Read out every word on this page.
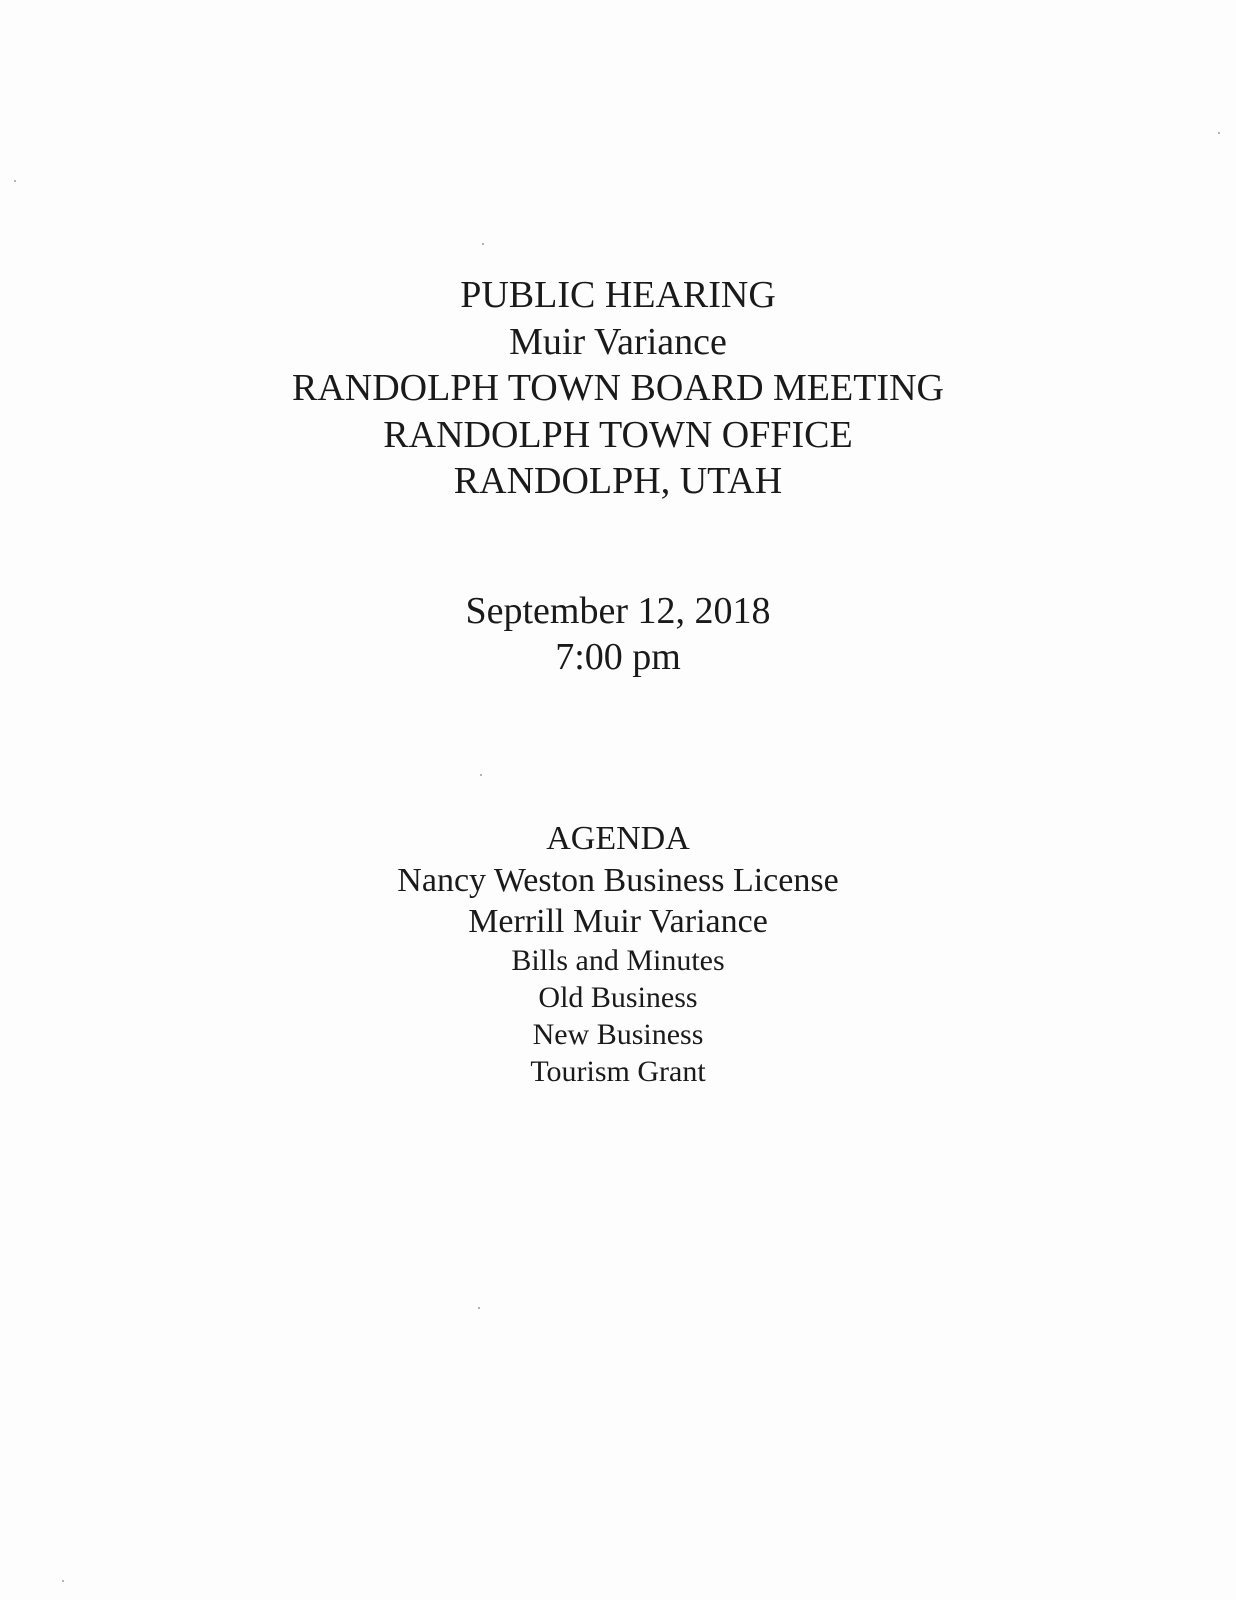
PUBLIC HEARING
Muir Variance
RANDOLPH TOWN BOARD MEETING
RANDOLPH TOWN OFFICE
RANDOLPH, UTAH
September 12, 2018
7:00 pm
AGENDA
Nancy Weston Business License
Merrill Muir Variance
Bills and Minutes
Old Business
New Business
Tourism Grant
